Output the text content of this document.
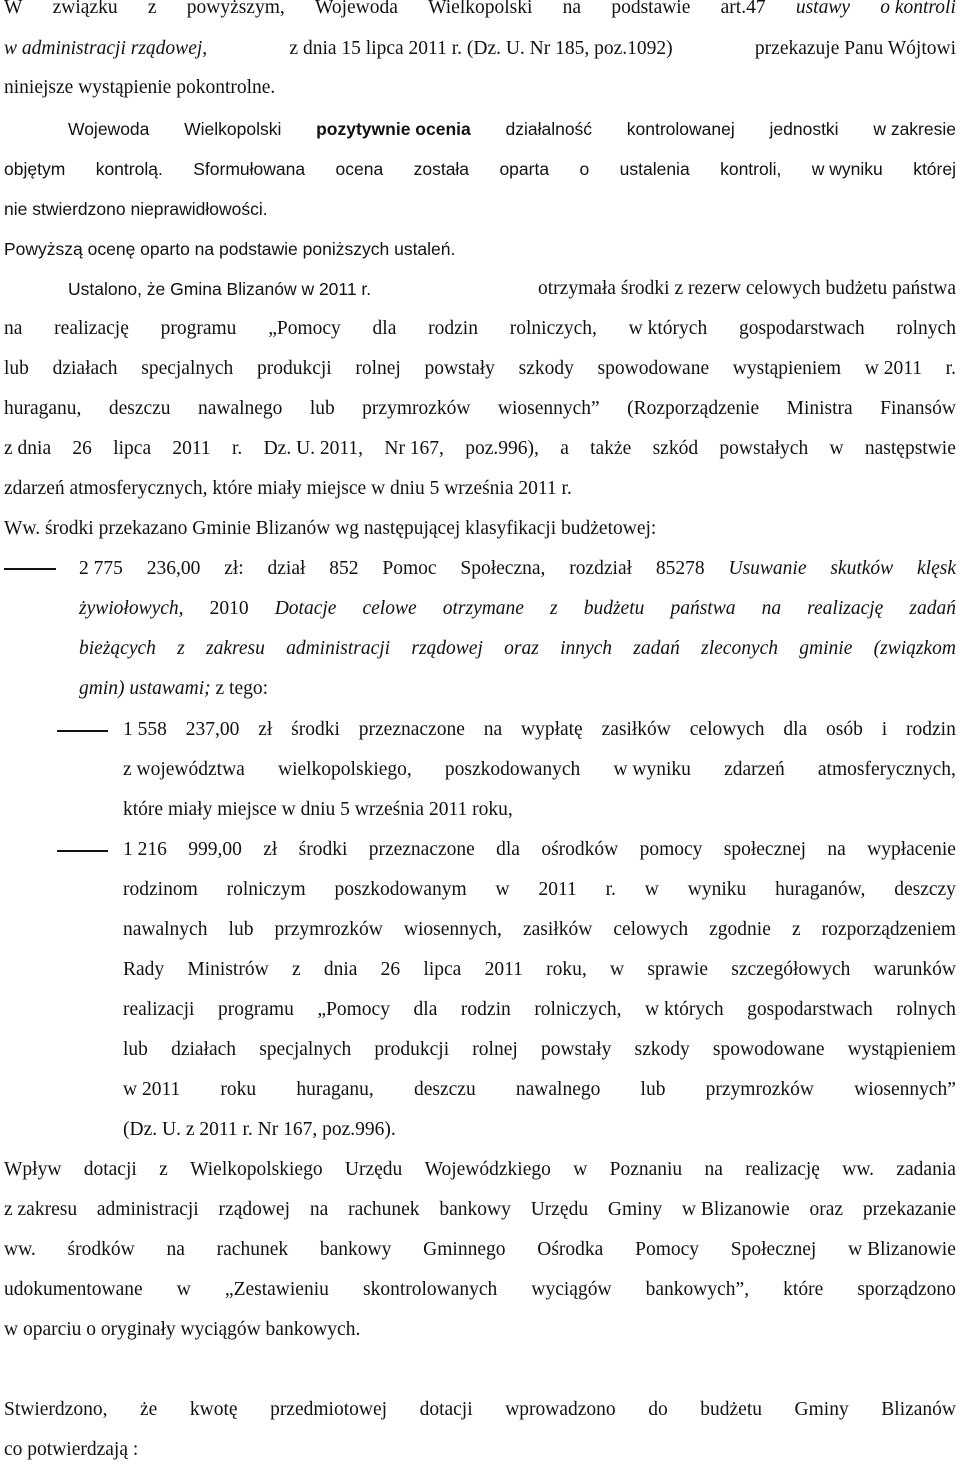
W związku z powyższym, Wojewoda Wielkopolski na podstawie art.47 ustawy o kontroli
w administracji rządowej,	z dnia 15 lipca 2011 r. (Dz. U. Nr 185, poz.1092)	przekazuje Panu Wójtowi
niniejsze wystąpienie pokontrolne.
Wojewoda Wielkopolski pozytywnie ocenia działalność kontrolowanej jednostki w zakresie
objętym kontrolą. Sformułowana ocena została oparta o ustalenia kontroli, w wyniku której
nie stwierdzono nieprawidłowości.
Powyższą ocenę oparto na podstawie poniższych ustaleń.
Ustalono, że Gmina Blizanów w 2011 r.	otrzymała środki z rezerw celowych budżetu państwa
na realizację programu „Pomocy dla rodzin rolniczych, w których gospodarstwach rolnych
lub działach specjalnych produkcji rolnej powstały szkody spowodowane wystąpieniem w 2011 r.
huraganu, deszczu nawalnego lub przymrozków wiosennych” (Rozporządzenie Ministra Finansów
z dnia 26 lipca 2011 r. Dz. U. 2011, Nr 167, poz.996), a także szkód powstałych w następstwie
zdarzeń atmosferycznych, które miały miejsce w dniu 5 września 2011 r.
Ww. środki przekazano Gminie Blizanów wg następującej klasyfikacji budżetowej:
2 775 236,00 zł: dział 852 Pomoc Społeczna, rozdział 85278 Usuwanie skutków klęsk
żywiołowych, 2010 Dotacje celowe otrzymane z budżetu państwa na realizację zadań
bieżących z zakresu administracji rządowej oraz innych zadań zleconych gminie (związkom
gmin) ustawami; z tego:
1 558 237,00 zł środki przeznaczone na wypłatę zasiłków celowych dla osób i rodzin
z województwa wielkopolskiego, poszkodowanych w wyniku zdarzeń atmosferycznych,
które miały miejsce w dniu 5 września 2011 roku,
1 216 999,00 zł środki przeznaczone dla ośrodków pomocy społecznej na wypłacenie
rodzinom rolniczym poszkodowanym w 2011 r. w wyniku huraganów, deszczy
nawalnych lub przymrozków wiosennych, zasiłków celowych zgodnie z rozporządzeniem
Rady Ministrów z dnia 26 lipca 2011 roku, w sprawie szczegółowych warunków
realizacji programu „Pomocy dla rodzin rolniczych, w których gospodarstwach rolnych
lub działach specjalnych produkcji rolnej powstały szkody spowodowane wystąpieniem
w 2011 roku huraganu, deszczu nawalnego lub przymrozków wiosennych”
(Dz. U. z 2011 r. Nr 167, poz.996).
Wpływ dotacji z Wielkopolskiego Urzędu Wojewódzkiego w Poznaniu na realizację ww. zadania
z zakresu administracji rządowej na rachunek bankowy Urzędu Gminy w Blizanowie oraz przekazanie
ww. środków na rachunek bankowy Gminnego Ośrodka Pomocy Społecznej w Blizanowie
udokumentowane w „Zestawieniu skontrolowanych wyciągów bankowych”, które sporządzono
w oparciu o oryginały wyciągów bankowych.
Stwierdzono, że kwotę przedmiotowej dotacji wprowadzono do budżetu Gminy Blizanów
co potwierdzają :
